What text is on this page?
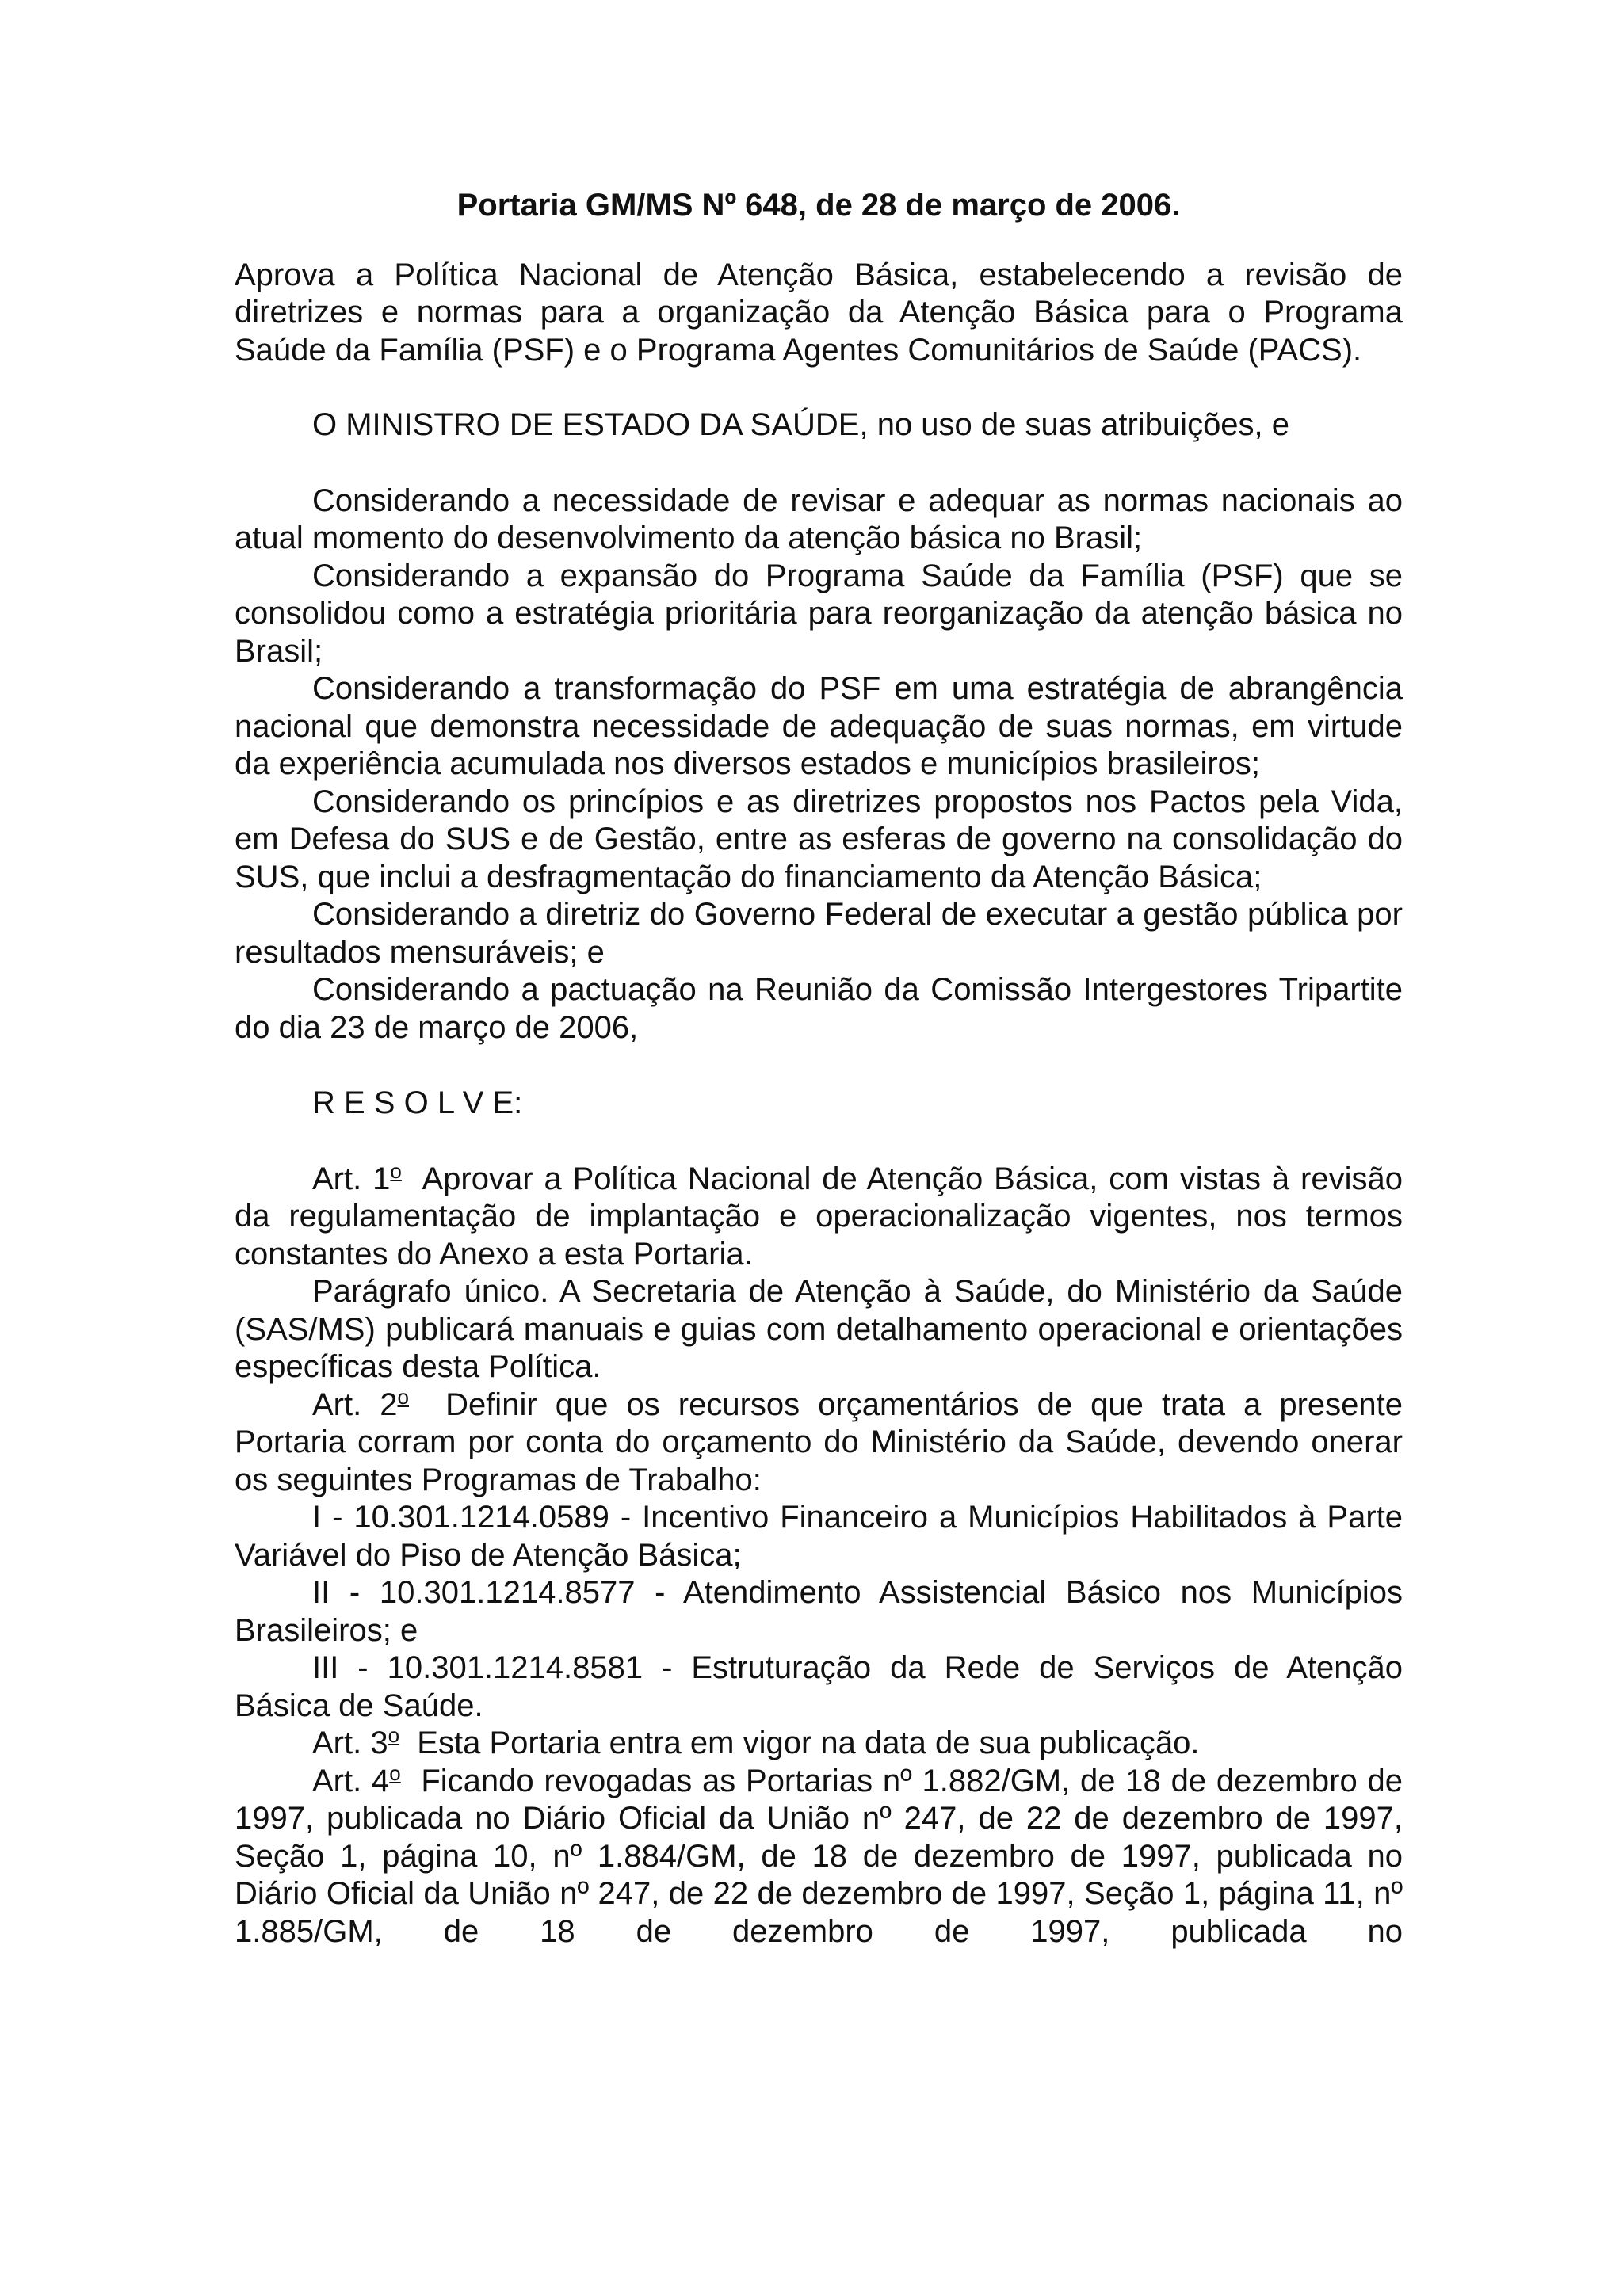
Portaria GM/MS Nº 648, de 28 de março de 2006.

Aprova a Política Nacional de Atenção Básica, estabelecendo a revisão de diretrizes e normas para a organização da Atenção Básica para o Programa Saúde da Família (PSF) e o Programa Agentes Comunitários de Saúde (PACS).

O MINISTRO DE ESTADO DA SAÚDE, no uso de suas atribuições, e

Considerando a necessidade de revisar e adequar as normas nacionais ao atual momento do desenvolvimento da atenção básica no Brasil;

Considerando a expansão do Programa Saúde da Família (PSF) que se consolidou como a estratégia prioritária para reorganização da atenção básica no Brasil;

Considerando a transformação do PSF em uma estratégia de abrangência nacional que demonstra necessidade de adequação de suas normas, em virtude da experiência acumulada nos diversos estados e municípios brasileiros;

Considerando os princípios e as diretrizes propostos nos Pactos pela Vida, em Defesa do SUS e de Gestão, entre as esferas de governo na consolidação do SUS, que inclui a desfragmentação do financiamento da Atenção Básica;

Considerando a diretriz do Governo Federal de executar a gestão pública por resultados mensuráveis; e

Considerando a pactuação na Reunião da Comissão Intergestores Tripartite do dia 23 de março de 2006,

R E S O L V E:

Art. 1$^o$ Aprovar a Política Nacional de Atenção Básica, com vistas à revisão da regulamentação de implantação e operacionalização vigentes, nos termos constantes do Anexo a esta Portaria.

Parágrafo único. A Secretaria de Atenção à Saúde, do Ministério da Saúde (SAS/MS) publicará manuais e guias com detalhamento operacional e orientações específicas desta Política.

Art. 2$^o$ Definir que os recursos orçamentários de que trata a presente Portaria corram por conta do orçamento do Ministério da Saúde, devendo onerar os seguintes Programas de Trabalho:

I - 10.301.1214.0589 - Incentivo Financeiro a Municípios Habilitados à Parte Variável do Piso de Atenção Básica;

II - 10.301.1214.8577 - Atendimento Assistencial Básico nos Municípios Brasileiros; e

III - 10.301.1214.8581 - Estruturação da Rede de Serviços de Atenção Básica de Saúde.

Art. 3$^o$ Esta Portaria entra em vigor na data de sua publicação.

Art. 4$^o$ Ficando revogadas as Portarias nº 1.882/GM, de 18 de dezembro de 1997, publicada no Diário Oficial da União nº 247, de 22 de dezembro de 1997, Seção 1, página 10, nº 1.884/GM, de 18 de dezembro de 1997, publicada no Diário Oficial da União nº 247, de 22 de dezembro de 1997, Seção 1, página 11, nº 1.885/GM, de 18 de dezembro de 1997, publicada no
